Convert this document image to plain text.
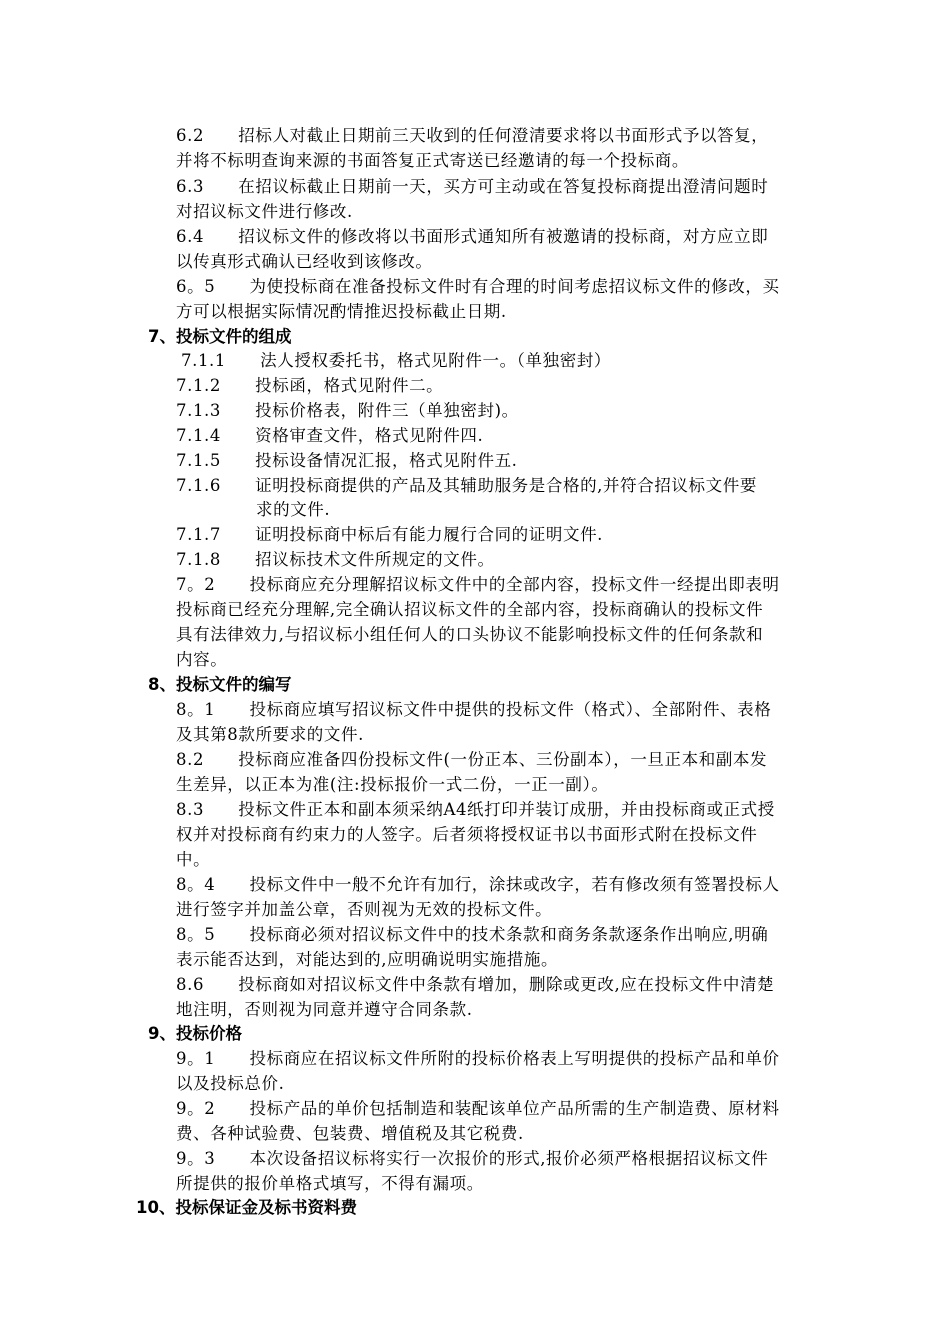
6.2　　招标人对截止日期前三天收到的任何澄清要求将以书面形式予以答复，
并将不标明查询来源的书面答复正式寄送已经邀请的每一个投标商。
6.3　　在招议标截止日期前一天，买方可主动或在答复投标商提出澄清问题时
对招议标文件进行修改.
6.4　　招议标文件的修改将以书面形式通知所有被邀请的投标商，对方应立即
以传真形式确认已经收到该修改。
6。5　　为使投标商在准备投标文件时有合理的时间考虑招议标文件的修改，买
方可以根据实际情况酌情推迟投标截止日期.
7、投标文件的组成
7.1.1　　法人授权委托书，格式见附件一。（单独密封）
7.1.2　　投标函，格式见附件二。
7.1.3　　投标价格表，附件三（单独密封)。
7.1.4　　资格审查文件，格式见附件四.
7.1.5　　投标设备情况汇报，格式见附件五.
7.1.6　　证明投标商提供的产品及其辅助服务是合格的,并符合招议标文件要
求的文件.
7.1.7　　证明投标商中标后有能力履行合同的证明文件.
7.1.8　　招议标技术文件所规定的文件。
7。2　　投标商应充分理解招议标文件中的全部内容，投标文件一经提出即表明
投标商已经充分理解,完全确认招议标文件的全部内容，投标商确认的投标文件
具有法律效力,与招议标小组任何人的口头协议不能影响投标文件的任何条款和
内容。
8、投标文件的编写
8。1　　投标商应填写招议标文件中提供的投标文件（格式）、全部附件、表格
及其第8款所要求的文件.
8.2　　投标商应准备四份投标文件(一份正本、三份副本），一旦正本和副本发
生差异，以正本为准(注:投标报价一式二份，一正一副）。
8.3　　投标文件正本和副本须采纳A4纸打印并装订成册，并由投标商或正式授
权并对投标商有约束力的人签字。后者须将授权证书以书面形式附在投标文件
中。
8。4　　投标文件中一般不允许有加行，涂抹或改字，若有修改须有签署投标人
进行签字并加盖公章，否则视为无效的投标文件。
8。5　　投标商必须对招议标文件中的技术条款和商务条款逐条作出响应,明确
表示能否达到，对能达到的,应明确说明实施措施。
8.6　　投标商如对招议标文件中条款有增加，删除或更改,应在投标文件中清楚
地注明，否则视为同意并遵守合同条款.
9、投标价格
9。1　　投标商应在招议标文件所附的投标价格表上写明提供的投标产品和单价
以及投标总价.
9。2　　投标产品的单价包括制造和装配该单位产品所需的生产制造费、原材料
费、各种试验费、包装费、增值税及其它税费.
9。3　　本次设备招议标将实行一次报价的形式,报价必须严格根据招议标文件
所提供的报价单格式填写，不得有漏项。
10、投标保证金及标书资料费
